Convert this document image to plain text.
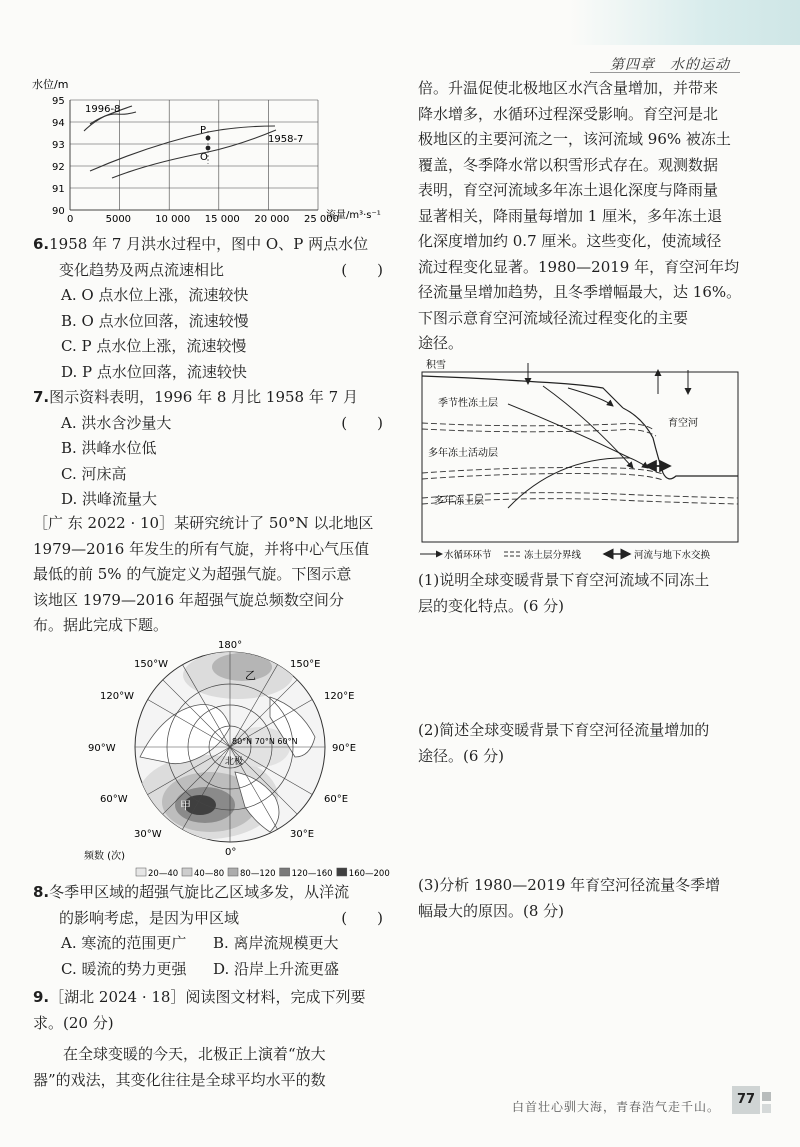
第四章　水的运动
水位/m
0	5000 10 000 15 000 20 000 25 000
90
91
92
93
94
95
P
O
1996-8
1958-7
流量/m³·s⁻¹

6.1958 年 7 月洪水过程中，图中 O、P 两点水位

变化趋势及两点流速相比	(　　)

A. O 点水位上涨，流速较快

B. O 点水位回落，流速较慢

C. P 点水位上涨，流速较慢

D. P 点水位回落，流速较快

7.图示资料表明，1996 年 8 月比 1958 年 7 月
(　　)

A. 洪水含沙量大

B. 洪峰水位低

C. 河床高

D. 洪峰流量大

［广 东 2022 · 10］某研究统计了 50°N 以北地区

1979—2016 年发生的所有气旋，并将中心气压值

最低的前 5% 的气旋定义为超强气旋。下图示意

该地区 1979—2016 年超强气旋总频数空间分

布。据此完成下题。

180°
150°W	150°E
120°W	120°E
90°W	90°E
60°W	60°E
30°W	30°E
0°
北极
80°N 70°N 60°N
甲
乙
频数 (次)
20—40 40—80 80—120 120—160 160—200

8.冬季甲区域的超强气旋比乙区域多发，从洋流

的影响考虑，是因为甲区域	(　　)

A. 寒流的范围更广	B. 离岸流规模更大
C. 暖流的势力更强	D. 沿岸上升流更盛

9.［湖北 2024 · 18］阅读图文材料，完成下列要

求。(20 分)

在全球变暖的今天，北极正上演着“放大

器”的戏法，其变化往往是全球平均水平的数

倍。升温促使北极地区水汽含量增加，并带来

降水增多，水循环过程深受影响。育空河是北

极地区的主要河流之一，该河流域 96% 被冻土

覆盖，冬季降水常以积雪形式存在。观测数据

表明，育空河流域多年冻土退化深度与降雨量

显著相关，降雨量每增加 1 厘米，多年冻土退

化深度增加约 0.7 厘米。这些变化，使流域径

流过程变化显著。1980—2019 年，育空河年均

径流量呈增加趋势，且冬季增幅最大，达 16%。

下图示意育空河流域径流过程变化的主要

途径。

积雪
季节性冻土层
育空河
多年冻土活动层
多年冻土层
水循环环节	冻土层分界线	河流与地下水交换

(1)说明全球变暖背景下育空河流域不同冻土

层的变化特点。(6 分)

(2)简述全球变暖背景下育空河径流量增加的

途径。(6 分)

(3)分析 1980—2019 年育空河径流量冬季增

幅最大的原因。(8 分)

白首壮心驯大海，青春浩气走千山。	77
